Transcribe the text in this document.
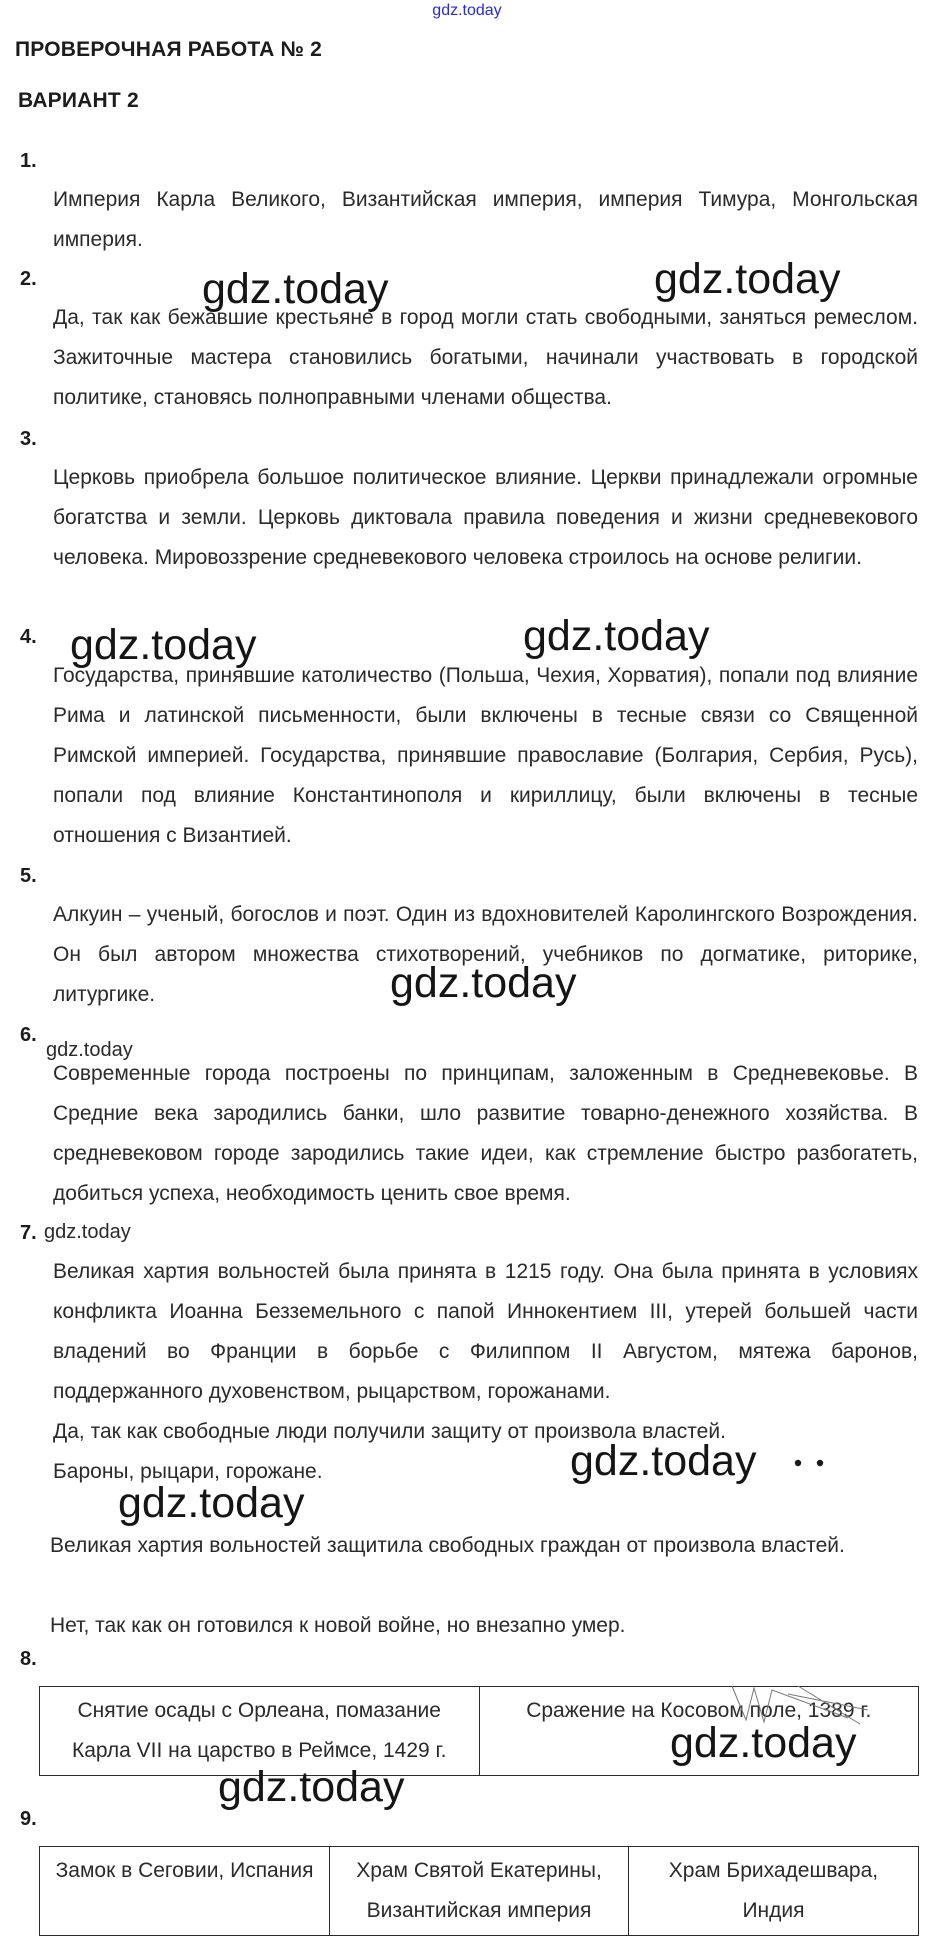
gdz.today
ПРОВЕРОЧНАЯ РАБОТА № 2
ВАРИАНТ 2
1.
Империя Карла Великого, Византийская империя, империя Тимура, Монгольская империя.
2.
Да, так как бежавшие крестьяне в город могли стать свободными, заняться ремеслом. Зажиточные мастера становились богатыми, начинали участвовать в городской политике, становясь полноправными членами общества.
3.
Церковь приобрела большое политическое влияние. Церкви принадлежали огромные богатства и земли. Церковь диктовала правила поведения и жизни средневекового человека. Мировоззрение средневекового человека строилось на основе религии.
4.
Государства, принявшие католичество (Польша, Чехия, Хорватия), попали под влияние Рима и латинской письменности, были включены в тесные связи со Священной Римской империей. Государства, принявшие православие (Болгария, Сербия, Русь), попали под влияние Константинополя и кириллицу, были включены в тесные отношения с Византией.
5.
Алкуин – ученый, богослов и поэт. Один из вдохновителей Каролингского Возрождения. Он был автором множества стихотворений, учебников по догматике, риторике, литургике.
6.
Современные города построены по принципам, заложенным в Средневековье. В Средние века зародились банки, шло развитие товарно-денежного хозяйства. В средневековом городе зародились такие идеи, как стремление быстро разбогатеть, добиться успеха, необходимость ценить свое время.
7.
Великая хартия вольностей была принята в 1215 году. Она была принята в условиях конфликта Иоанна Безземельного с папой Иннокентием III, утерей большей части владений во Франции в борьбе с Филиппом II Августом, мятежа баронов, поддержанного духовенством, рыцарством, горожанами.
Да, так как свободные люди получили защиту от произвола властей.
Бароны, рыцари, горожане.
Великая хартия вольностей защитила свободных граждан от произвола властей.
Нет, так как он готовился к новой войне, но внезапно умер.
8.
Снятие осады с Орлеана, помазание Карла VII на царство в Реймсе, 1429 г.	Сражение на Косовом поле, 1389 г.
9.
Замок в Сеговии, Испания	Храм Святой Екатерины, Византийская империя	Храм Брихадешвара, Индия
gdz.today	gdz.today
gdz.today	gdz.today
gdz.today
gdz.today
gdz.today
gdz.today
gdz.today
gdz.today
gdz.today
